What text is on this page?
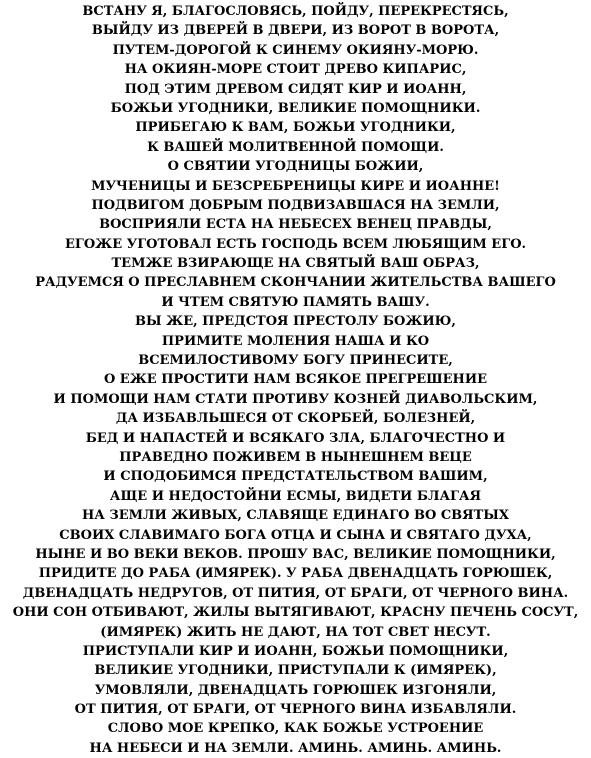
ВСТАНУ Я, БЛАГОСЛОВЯСЬ, ПОЙДУ, ПЕРЕКРЕСТЯСЬ,
ВЫЙДУ ИЗ ДВЕРЕЙ В ДВЕРИ, ИЗ ВОРОТ В ВОРОТА,
ПУТЕМ-ДОРОГОЙ К СИНЕМУ ОКИЯНУ-МОРЮ.
НА ОКИЯН-МОРЕ СТОИТ ДРЕВО КИПАРИС,
ПОД ЭТИМ ДРЕВОМ СИДЯТ КИР И ИОАНН,
БОЖЬИ УГОДНИКИ, ВЕЛИКИЕ ПОМОЩНИКИ.
ПРИБЕГАЮ К ВАМ, БОЖЬИ УГОДНИКИ,
К ВАШЕЙ МОЛИТВЕННОЙ ПОМОЩИ.
О СВЯТИИ УГОДНИЦЫ БОЖИИ,
МУЧЕНИЦЫ И БЕЗСРЕБРЕНИЦЫ КИРЕ И ИОАННЕ!
ПОДВИГОМ ДОБРЫМ ПОДВИЗАВШАСЯ НА ЗЕМЛИ,
ВОСПРИЯЛИ ЕСТА НА НЕБЕСЕХ ВЕНЕЦ ПРАВДЫ,
ЕГОЖЕ УГОТОВАЛ ЕСТЬ ГОСПОДЬ ВСЕМ ЛЮБЯЩИМ ЕГО.
ТЕМЖЕ ВЗИРАЮЩЕ НА СВЯТЫЙ ВАШ ОБРАЗ,
РАДУЕМСЯ О ПРЕСЛАВНЕМ СКОНЧАНИИ ЖИТЕЛЬСТВА ВАШЕГО
И ЧТЕМ СВЯТУЮ ПАМЯТЬ ВАШУ.
ВЫ ЖЕ, ПРЕДСТОЯ ПРЕСТОЛУ БОЖИЮ,
ПРИМИТЕ МОЛЕНИЯ НАША И КО
ВСЕМИЛОСТИВОМУ БОГУ ПРИНЕСИТЕ,
О ЕЖЕ ПРОСТИТИ НАМ ВСЯКОЕ ПРЕГРЕШЕНИЕ
И ПОМОЩИ НАМ СТАТИ ПРОТИВУ КОЗНЕЙ ДИАВОЛЬСКИМ,
ДА ИЗБАВЛЬШЕСЯ ОТ СКОРБЕЙ, БОЛЕЗНЕЙ,
БЕД И НАПАСТЕЙ И ВСЯКАГО ЗЛА, БЛАГОЧЕСТНО И
ПРАВЕДНО ПОЖИВЕМ В НЫНЕШНЕМ ВЕЦЕ
И СПОДОБИМСЯ ПРЕДСТАТЕЛЬСТВОМ ВАШИМ,
АЩЕ И НЕДОСТОЙНИ ЕСМЫ, ВИДЕТИ БЛАГАЯ
НА ЗЕМЛИ ЖИВЫХ, СЛАВЯЩЕ ЕДИНАГО ВО СВЯТЫХ
СВОИХ СЛАВИМАГО БОГА ОТЦА И СЫНА И СВЯТАГО ДУХА,
НЫНЕ И ВО ВЕКИ ВЕКОВ. ПРОШУ ВАС, ВЕЛИКИЕ ПОМОЩНИКИ,
ПРИДИТЕ ДО РАБА (ИМЯРЕК). У РАБА ДВЕНАДЦАТЬ ГОРЮШЕК,
ДВЕНАДЦАТЬ НЕДРУГОВ, ОТ ПИТИЯ, ОТ БРАГИ, ОТ ЧЕРНОГО ВИНА.
ОНИ СОН ОТБИВАЮТ, ЖИЛЫ ВЫТЯГИВАЮТ, КРАСНУ ПЕЧЕНЬ СОСУТ,
(ИМЯРЕК) ЖИТЬ НЕ ДАЮТ, НА ТОТ СВЕТ НЕСУТ.
ПРИСТУПАЛИ КИР И ИОАНН, БОЖЬИ ПОМОЩНИКИ,
ВЕЛИКИЕ УГОДНИКИ, ПРИСТУПАЛИ К (ИМЯРЕК),
УМОВЛЯЛИ, ДВЕНАДЦАТЬ ГОРЮШЕК ИЗГОНЯЛИ,
ОТ ПИТИЯ, ОТ БРАГИ, ОТ ЧЕРНОГО ВИНА ИЗБАВЛЯЛИ.
СЛОВО МОЕ КРЕПКО, КАК БОЖЬЕ УСТРОЕНИЕ
НА НЕБЕСИ И НА ЗЕМЛИ. АМИНЬ. АМИНЬ. АМИНЬ.
